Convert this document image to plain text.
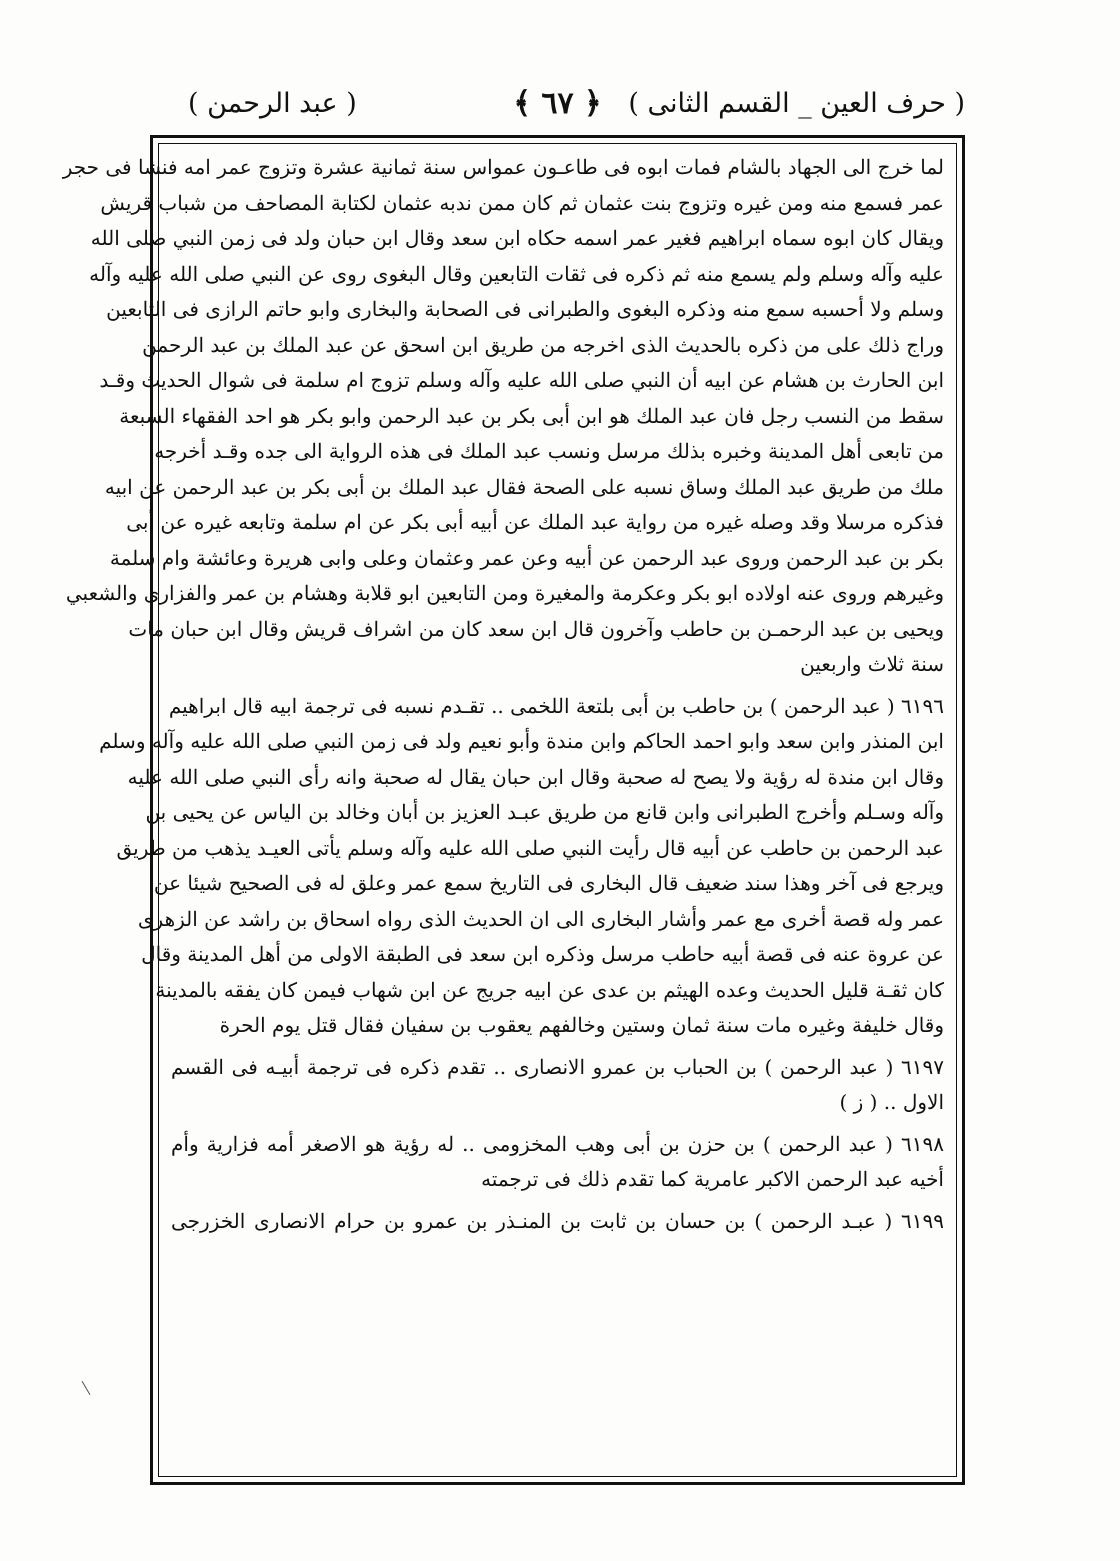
( حرف العين _ القسم الثانى )
﴿ ٦٧ ﴾
( عبد الرحمن )
لما خرج الى الجهاد بالشام فمات ابوه فى طاعـون عمواس سنة ثمانية عشرة وتزوج عمر امه فنشا فى حجر
عمر فسمع منه ومن غيره وتزوج بنت عثمان ثم كان ممن ندبه عثمان لكتابة المصاحف من شباب قريش
ويقال كان ابوه سماه ابراهيم فغير عمر اسمه حكاه ابن سعد وقال ابن حبان ولد فى زمن النبي صلى الله
عليه وآله وسلم ولم يسمع منه ثم ذكره فى ثقات التابعين وقال البغوى روى عن النبي صلى الله عليه وآله
وسلم ولا أحسبه سمع منه وذكره البغوى والطبرانى فى الصحابة والبخارى وابو حاتم الرازى فى التابعين
وراج ذلك على من ذكره بالحديث الذى اخرجه من طريق ابن اسحق عن عبد الملك بن عبد الرحمن
ابن الحارث بن هشام عن ابيه أن النبي صلى الله عليه وآله وسلم تزوج ام سلمة فى شوال الحديث وقـد
سقط من النسب رجل فان عبد الملك هو ابن أبى بكر بن عبد الرحمن وابو بكر هو احد الفقهاء السبعة
من تابعى أهل المدينة وخبره بذلك مرسل ونسب عبد الملك فى هذه الرواية الى جده وقـد أخرجه
ملك من طريق عبد الملك وساق نسبه على الصحة فقال عبد الملك بن أبى بكر بن عبد الرحمن عن ابيه
فذكره مرسلا وقد وصله غيره من رواية عبد الملك عن أبيه أبى بكر عن ام سلمة وتابعه غيره عن أبى
بكر بن عبد الرحمن وروى عبد الرحمن عن أبيه وعن عمر وعثمان وعلى وابى هريرة وعائشة وام سلمة
وغيرهم وروى عنه اولاده ابو بكر وعكرمة والمغيرة ومن التابعين ابو قلابة وهشام بن عمر والفزارى والشعبي
ويحيى بن عبد الرحمـن بن حاطب وآخرون قال ابن سعد كان من اشراف قريش وقال ابن حبان مات
سنة ثلاث واربعين
٦١٩٦ ( عبد الرحمن ) بن حاطب بن أبى بلتعة اللخمى .. تقـدم نسبه فى ترجمة ابيه قال ابراهيم
ابن المنذر وابن سعد وابو احمد الحاكم وابن مندة وأبو نعيم ولد فى زمن النبي صلى الله عليه وآله وسلم
وقال ابن مندة له رؤية ولا يصح له صحبة وقال ابن حبان يقال له صحبة وانه رأى النبي صلى الله عليه
وآله وسـلم وأخرج الطبرانى وابن قانع من طريق عبـد العزيز بن أبان وخالد بن الياس عن يحيى بن
عبد الرحمن بن حاطب عن أبيه قال رأيت النبي صلى الله عليه وآله وسلم يأتى العيـد يذهب من طريق
ويرجع فى آخر وهذا سند ضعيف قال البخارى فى التاريخ سمع عمر وعلق له فى الصحيح شيئا عن
عمر وله قصة أخرى مع عمر وأشار البخارى الى ان الحديث الذى رواه اسحاق بن راشد عن الزهرى
عن عروة عنه فى قصة أبيه حاطب مرسل وذكره ابن سعد فى الطبقة الاولى من أهل المدينة وقال
كان ثقـة قليل الحديث وعده الهيثم بن عدى عن ابيه جريج عن ابن شهاب فيمن كان يفقه بالمدينة
وقال خليفة وغيره مات سنة ثمان وستين وخالفهم يعقوب بن سفيان فقال قتل يوم الحرة
٦١٩٧ ( عبد الرحمن ) بن الحباب بن عمرو الانصارى .. تقدم ذكره فى ترجمة أبيـه فى القسم
الاول .. ( ز )
٦١٩٨ ( عبد الرحمن ) بن حزن بن أبى وهب المخزومى .. له رؤية هو الاصغر أمه فزارية وأم
أخيه عبد الرحمن الاكبر عامرية كما تقدم ذلك فى ترجمته
٦١٩٩ ( عبـد الرحمن ) بن حسان بن ثابت بن المنـذر بن عمرو بن حرام الانصارى الخزرجى
